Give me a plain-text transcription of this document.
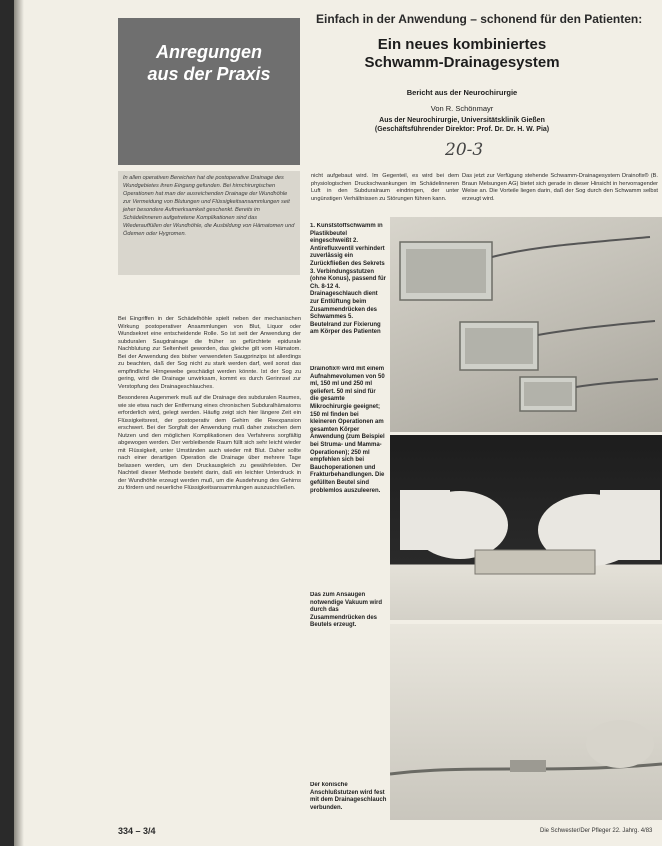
Anregungen
aus der Praxis
Einfach in der Anwendung – schonend für den Patienten:
Ein neues kombiniertes
Schwamm-Drainagesystem
Bericht aus der Neurochirurgie
Von R. Schönmayr
Aus der Neurochirurgie, Universitätsklinik Gießen
(Geschäftsführender Direktor: Prof. Dr. Dr. H. W. Pia)
20-3
In allen operativen Bereichen hat die postoperative Drainage des Wundgebietes ihren Eingang gefunden. Bei hirnchirurgischen Operationen hat man der ausreichenden Drainage der Wundhöhle zur Vermeidung von Blutungen und Flüssigkeitsansammlungen seit jeher besondere Aufmerksamkeit geschenkt. Bereits im Schädelinneren aufgetretene Komplikationen sind das Wiederauffüllen der Wundhöhle, die Ausbildung von Hämatomen und Ödemen oder Hygromen.

Bei Eingriffen in der Schädelhöhle spielt neben der mechanischen Wirkung postoperativer Ansammlungen von Blut, Liquor oder Wundsekret eine entscheidende Rolle. So ist seit der Anwendung der subduralen Saugdrainage die früher so gefürchtete epidurale Nachblutung zur Seltenheit geworden, das gleiche gilt vom Hämatom. Bei der Anwendung des bisher verwendeten Saugprinzips ist allerdings zu beachten, daß der Sog nicht zu stark werden darf, weil sonst das empfindliche Hirngewebe geschädigt werden könnte. Ist der Sog zu gering, wird die Drainage unwirksam, kommt es durch Gerinnsel zur Verstopfung des Drainageschlauches.

Besonderes Augenmerk muß auf die Drainage des subduralen Raumes, wie sie etwa nach der Entfernung eines chronischen Subduralhämatoms erforderlich wird, gelegt werden. Häufig zeigt sich hier längere Zeit ein Flüssigkeitsrest, der postoperativ dem Gehirn die Reexpansion erschwert. Bei der Sorgfalt der Anwendung muß daher zwischen dem Nutzen und den möglichen Komplikationen des Verfahrens sorgfältig abgewogen werden. Der verbleibende Raum füllt sich sehr leicht wieder mit Flüssigkeit, unter Umständen auch wieder mit Blut. Daher sollte nach einer derartigen Operation die Drainage über mehrere Tage belassen werden, um den Druckausgleich zu gewährleisten. Der Nachteil dieser Methode besteht darin, daß ein leichter Unterdruck in der Wundhöhle erzeugt werden muß, um die Ausdehnung des Gehirns zu fördern und neuerliche Flüssigkeitsansammlungen auszuschließen.

nicht aufgebaut wird. Im Gegenteil, es wird bei dem physiologischen Druckschwankungen im Schädelinneren Luft in den Subduralraum eindringen, der unter ungünstigen Verhältnissen zu Störungen führen kann.
Das jetzt zur Verfügung stehende Schwamm-Drainagesystem Drainofix® (B. Braun Melsungen AG) bietet sich gerade in dieser Hinsicht in hervorragender Weise an. Die Vorteile liegen darin, daß der Sog durch den Schwamm selbst erzeugt wird.
1. Kunststoffschwamm in Plastikbeutel eingeschweißt 2. Antirefluxventil verhindert zuverlässig ein Zurückfließen des Sekrets 3. Verbindungsstutzen (ohne Konus), passend für Ch. 8-12 4. Drainageschlauch dient zur Entlüftung beim Zusammendrücken des Schwammes 5. Beutelrand zur Fixierung am Körper des Patienten
Drainofix® wird mit einem Aufnahmevolumen von 50 ml, 150 ml und 250 ml geliefert. 50 ml sind für die gesamte Mikrochirurgie geeignet; 150 ml finden bei kleineren Operationen am gesamten Körper Anwendung (zum Beispiel bei Struma- und Mamma-Operationen); 250 ml empfehlen sich bei Bauchoperationen und Frakturbehandlungen. Die gefüllten Beutel sind problemlos auszuleeren.
Das zum Ansaugen notwendige Vakuum wird durch das Zusammendrücken des Beutels erzeugt.
Der konische Anschlußstutzen wird fest mit dem Drainageschlauch verbunden.
334 – 3/4	Die Schwester/Der Pfleger 22. Jahrg. 4/83
